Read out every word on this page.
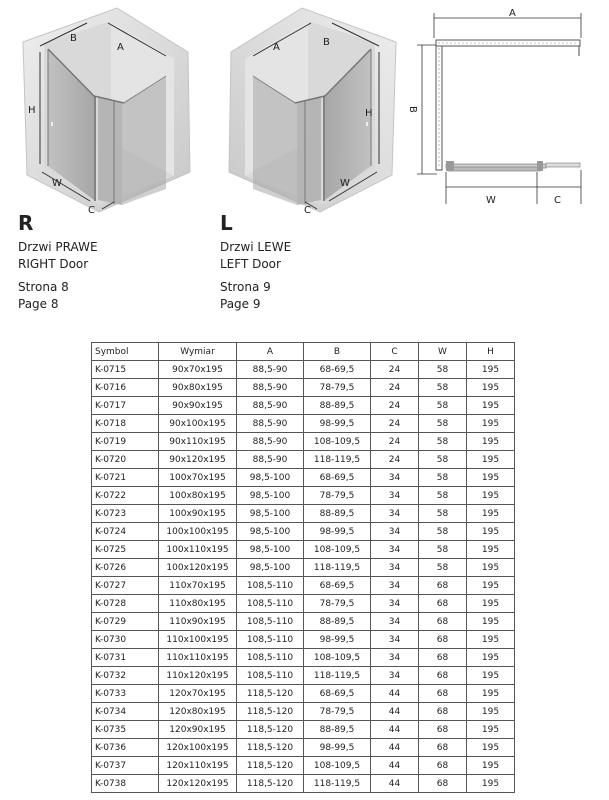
B
A
H
W
C
A	B
H
W
C
A
B
W	C
R
Drzwi PRAWE
RIGHT Door
Strona 8
Page 8
L
Drzwi LEWE
LEFT Door
Strona 9
Page 9
Symbol	Wymiar	A	B	C	W	H
K-0715	90x70x195	88,5-90	68-69,5	24	58	195
K-0716	90x80x195	88,5-90	78-79,5	24	58	195
K-0717	90x90x195	88,5-90	88-89,5	24	58	195
K-0718	90x100x195	88,5-90	98-99,5	24	58	195
K-0719	90x110x195	88,5-90	108-109,5	24	58	195
K-0720	90x120x195	88,5-90	118-119,5	24	58	195
K-0721	100x70x195	98,5-100	68-69,5	34	58	195
K-0722	100x80x195	98,5-100	78-79,5	34	58	195
K-0723	100x90x195	98,5-100	88-89,5	34	58	195
K-0724	100x100x195	98,5-100	98-99,5	34	58	195
K-0725	100x110x195	98,5-100	108-109,5	34	58	195
K-0726	100x120x195	98,5-100	118-119,5	34	58	195
K-0727	110x70x195	108,5-110	68-69,5	34	68	195
K-0728	110x80x195	108,5-110	78-79,5	34	68	195
K-0729	110x90x195	108,5-110	88-89,5	34	68	195
K-0730	110x100x195	108,5-110	98-99,5	34	68	195
K-0731	110x110x195	108,5-110	108-109,5	34	68	195
K-0732	110x120x195	108,5-110	118-119,5	34	68	195
K-0733	120x70x195	118,5-120	68-69,5	44	68	195
K-0734	120x80x195	118,5-120	78-79,5	44	68	195
K-0735	120x90x195	118,5-120	88-89,5	44	68	195
K-0736	120x100x195	118,5-120	98-99,5	44	68	195
K-0737	120x110x195	118,5-120	108-109,5	44	68	195
K-0738	120x120x195	118,5-120	118-119,5	44	68	195
